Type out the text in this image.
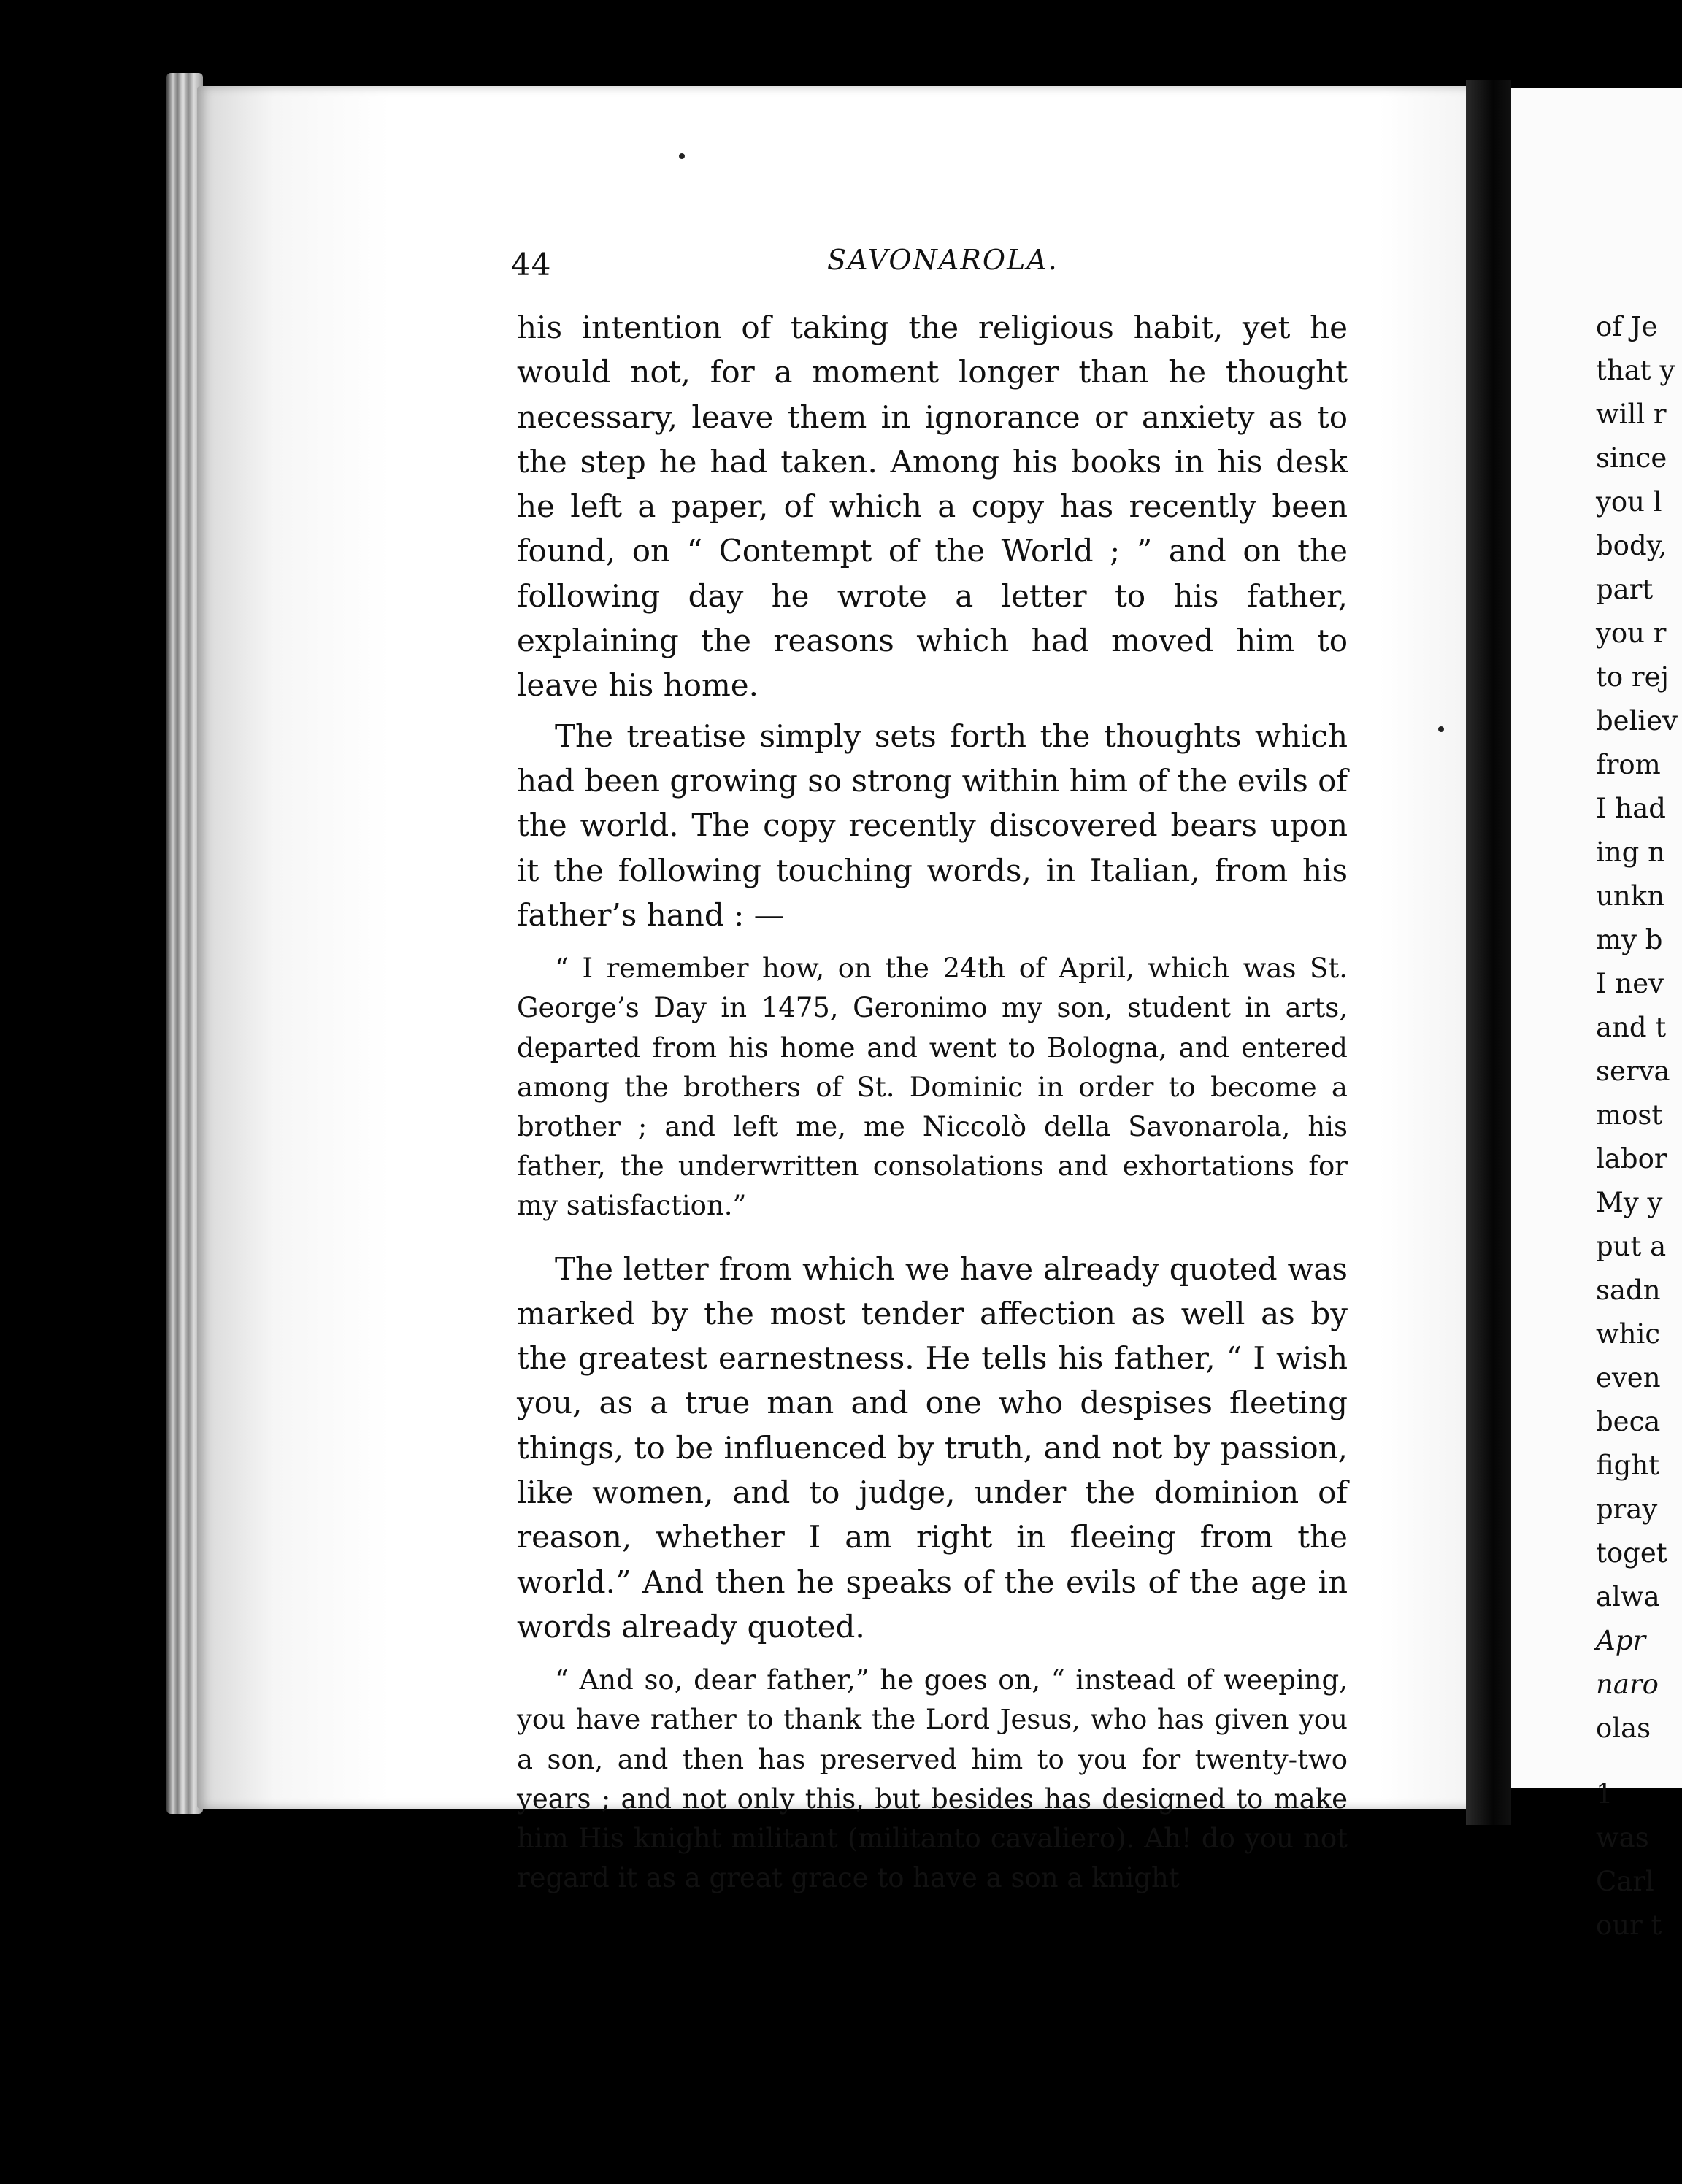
44	SAVONAROLA.

his intention of taking the religious habit, yet he would not, for a moment longer than he thought necessary, leave them in ignorance or anxiety as to the step he had taken. Among his books in his desk he left a paper, of which a copy has recently been found, on “ Contempt of the World ; ” and on the following day he wrote a letter to his father, explaining the reasons which had moved him to leave his home.

The treatise simply sets forth the thoughts which had been growing so strong within him of the evils of the world. The copy recently discovered bears upon it the following touching words, in Italian, from his father’s hand : —

“ I remember how, on the 24th of April, which was St. George’s Day in 1475, Geronimo my son, student in arts, departed from his home and went to Bologna, and entered among the brothers of St. Dominic in order to become a brother ; and left me, me Niccolò della Savonarola, his father, the underwritten consolations and exhortations for my satisfaction.”

The letter from which we have already quoted was marked by the most tender affection as well as by the greatest earnestness. He tells his father, “ I wish you, as a true man and one who despises fleeting things, to be influenced by truth, and not by passion, like women, and to judge, under the dominion of reason, whether I am right in fleeing from the world.” And then he speaks of the evils of the age in words already quoted.

“ And so, dear father,” he goes on, “ instead of weeping, you have rather to thank the Lord Jesus, who has given you a son, and then has preserved him to you for twenty-two years ; and not only this, but besides has designed to make him His knight militant (militanto cavaliero). Ah! do you not regard it as a great grace to have a son a knight

of Je
that y
will r
since
you l
body,
part
you r
to rej
believ
from
I had
ing n
unkn
my b
I nev
and t
serva
most
labor
My y
put a
sadn
whic
even
beca
fight
pray
toget
alwa
Apr
naro
olas
1
was
Carl
our t
